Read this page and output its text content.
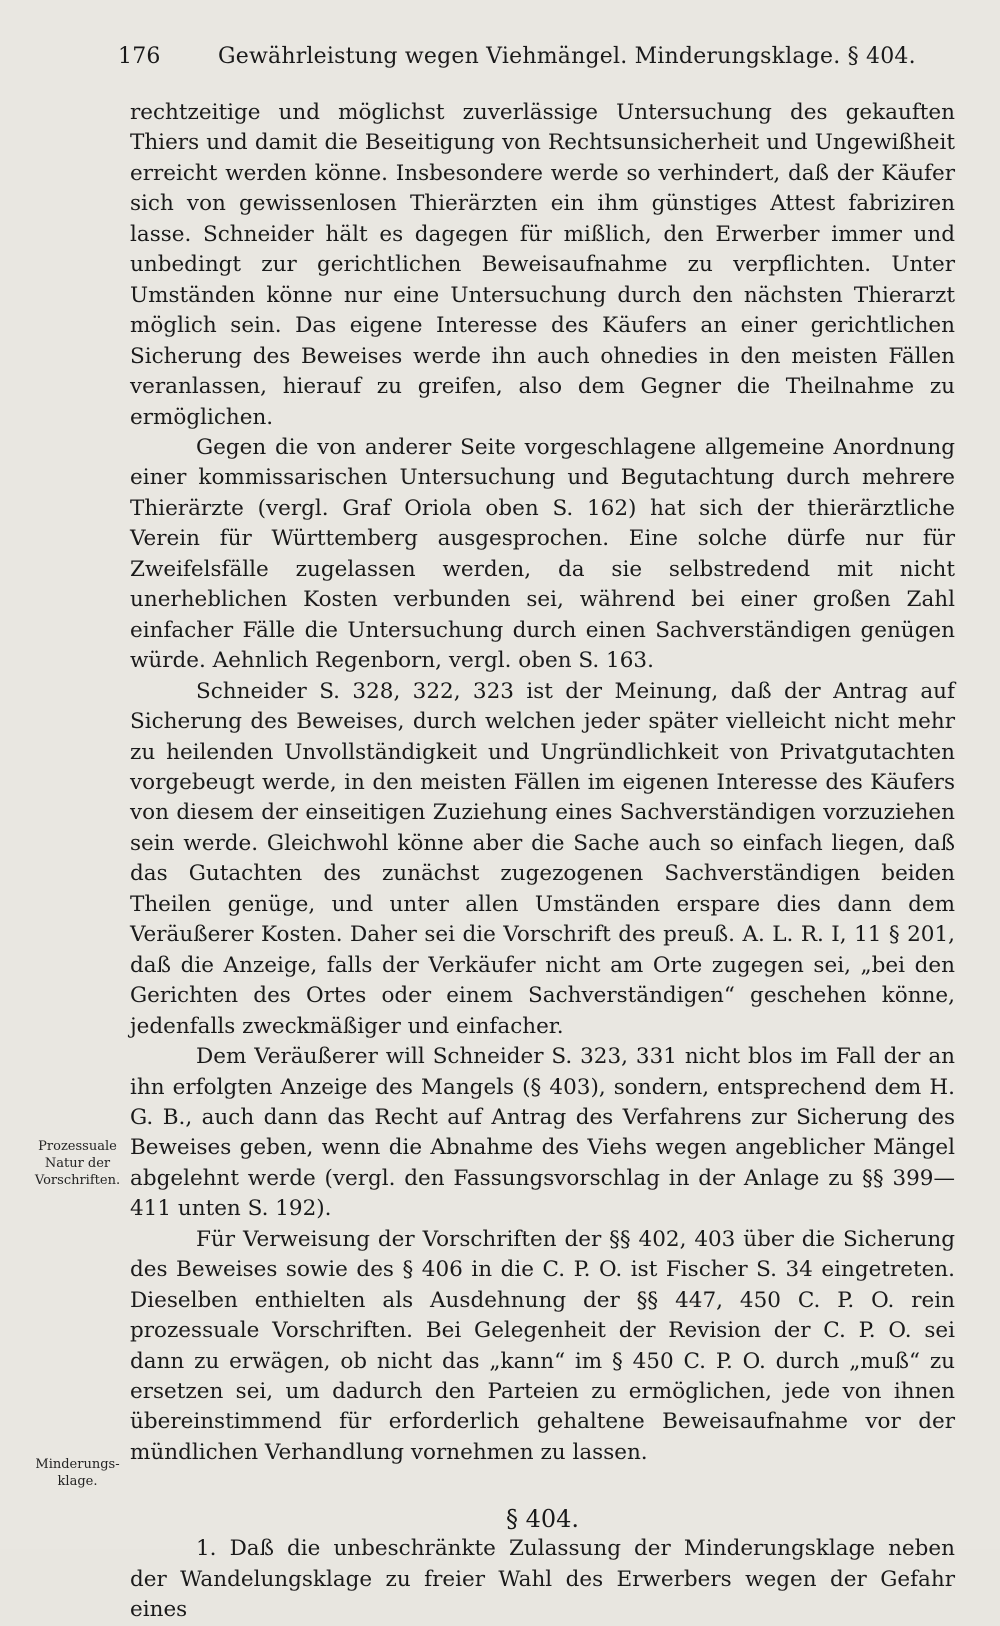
176	Gewährleistung wegen Viehmängel. Minderungsklage. § 404.

rechtzeitige und möglichst zuverlässige Untersuchung des gekauften Thiers und damit die Beseitigung von Rechtsunsicherheit und Ungewißheit erreicht werden könne. Insbesondere werde so verhindert, daß der Käufer sich von gewissenlosen Thierärzten ein ihm günstiges Attest fabriziren lasse. Schneider hält es dagegen für mißlich, den Erwerber immer und unbedingt zur gerichtlichen Beweisaufnahme zu verpflichten. Unter Umständen könne nur eine Untersuchung durch den nächsten Thierarzt möglich sein. Das eigene Interesse des Käufers an einer gerichtlichen Sicherung des Beweises werde ihn auch ohnedies in den meisten Fällen veranlassen, hierauf zu greifen, also dem Gegner die Theilnahme zu ermöglichen.

Gegen die von anderer Seite vorgeschlagene allgemeine Anordnung einer kommissarischen Untersuchung und Begutachtung durch mehrere Thierärzte (vergl. Graf Oriola oben S. 162) hat sich der thierärztliche Verein für Württemberg ausgesprochen. Eine solche dürfe nur für Zweifelsfälle zugelassen werden, da sie selbstredend mit nicht unerheblichen Kosten verbunden sei, während bei einer großen Zahl einfacher Fälle die Untersuchung durch einen Sachverständigen genügen würde. Aehnlich Regenborn, vergl. oben S. 163.

Schneider S. 328, 322, 323 ist der Meinung, daß der Antrag auf Sicherung des Beweises, durch welchen jeder später vielleicht nicht mehr zu heilenden Unvollständigkeit und Ungründlichkeit von Privatgutachten vorgebeugt werde, in den meisten Fällen im eigenen Interesse des Käufers von diesem der einseitigen Zuziehung eines Sachverständigen vorzuziehen sein werde. Gleichwohl könne aber die Sache auch so einfach liegen, daß das Gutachten des zunächst zugezogenen Sachverständigen beiden Theilen genüge, und unter allen Umständen erspare dies dann dem Veräußerer Kosten. Daher sei die Vorschrift des preuß. A. L. R. I, 11 § 201, daß die Anzeige, falls der Verkäufer nicht am Orte zugegen sei, „bei den Gerichten des Ortes oder einem Sachverständigen“ geschehen könne, jedenfalls zweckmäßiger und einfacher.

Dem Veräußerer will Schneider S. 323, 331 nicht blos im Fall der an ihn erfolgten Anzeige des Mangels (§ 403), sondern, entsprechend dem H. G. B., auch dann das Recht auf Antrag des Verfahrens zur Sicherung des Beweises geben, wenn die Abnahme des Viehs wegen angeblicher Mängel abgelehnt werde (vergl. den Fassungsvorschlag in der Anlage zu §§ 399—411 unten S. 192).

Für Verweisung der Vorschriften der §§ 402, 403 über die Sicherung des Beweises sowie des § 406 in die C. P. O. ist Fischer S. 34 eingetreten. Dieselben enthielten als Ausdehnung der §§ 447, 450 C. P. O. rein prozessuale Vorschriften. Bei Gelegenheit der Revision der C. P. O. sei dann zu erwägen, ob nicht das „kann“ im § 450 C. P. O. durch „muß“ zu ersetzen sei, um dadurch den Parteien zu ermöglichen, jede von ihnen übereinstimmend für erforderlich gehaltene Beweisaufnahme vor der mündlichen Verhandlung vornehmen zu lassen.

§ 404.

1. Daß die unbeschränkte Zulassung der Minderungsklage neben der Wandelungsklage zu freier Wahl des Erwerbers wegen der Gefahr eines

Prozessuale
Natur der
Vorschriften.
Minderungs-
klage.
